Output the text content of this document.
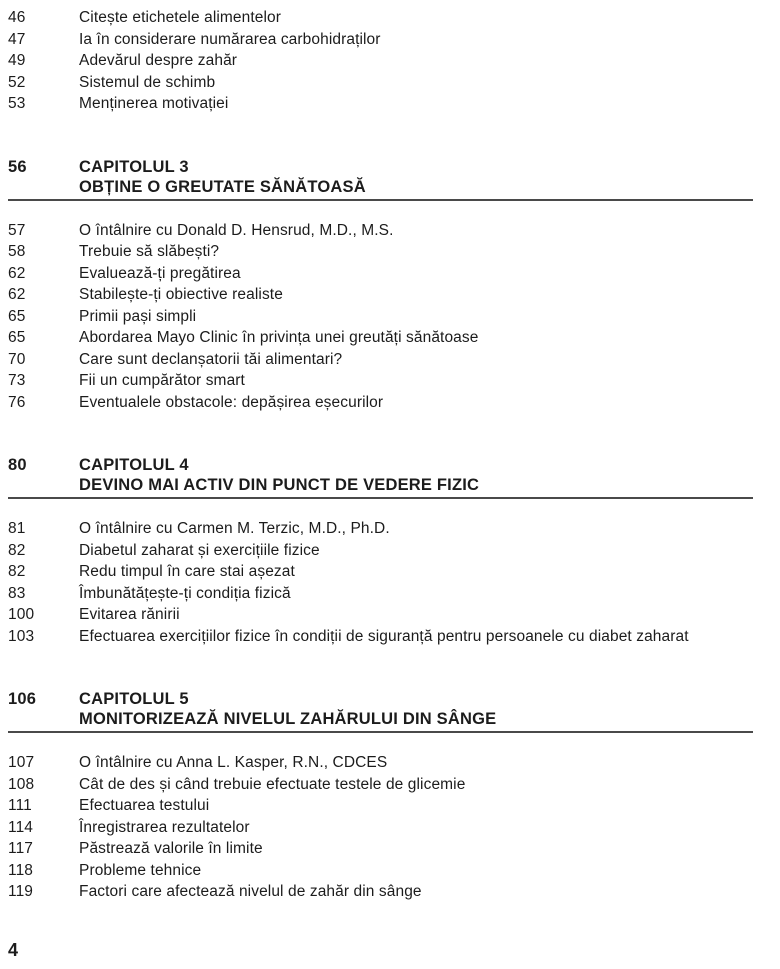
46	Citește etichetele alimentelor
47	Ia în considerare numărarea carbohidraților
49	Adevărul despre zahăr
52	Sistemul de schimb
53	Menținerea motivației
56	CAPITOLUL 3
OBȚINE O GREUTATE SĂNĂTOASĂ
57	O întâlnire cu Donald D. Hensrud, M.D., M.S.
58	Trebuie să slăbești?
62	Evaluează-ți pregătirea
62	Stabilește-ți obiective realiste
65	Primii pași simpli
65	Abordarea Mayo Clinic în privința unei greutăți sănătoase
70	Care sunt declanșatorii tăi alimentari?
73	Fii un cumpărător smart
76	Eventualele obstacole: depășirea eșecurilor
80	CAPITOLUL 4
DEVINO MAI ACTIV DIN PUNCT DE VEDERE FIZIC
81	O întâlnire cu Carmen M. Terzic, M.D., Ph.D.
82	Diabetul zaharat și exercițiile fizice
82	Redu timpul în care stai așezat
83	Îmbunătățește-ți condiția fizică
100	Evitarea rănirii
103	Efectuarea exercițiilor fizice în condiții de siguranță pentru persoanele cu diabet zaharat
106	CAPITOLUL 5
MONITORIZEAZĂ NIVELUL ZAHĂRULUI DIN SÂNGE
107	O întâlnire cu Anna L. Kasper, R.N., CDCES
108	Cât de des și când trebuie efectuate testele de glicemie
111	Efectuarea testului
114	Înregistrarea rezultatelor
117	Păstrează valorile în limite
118	Probleme tehnice
119	Factori care afectează nivelul de zahăr din sânge
4
